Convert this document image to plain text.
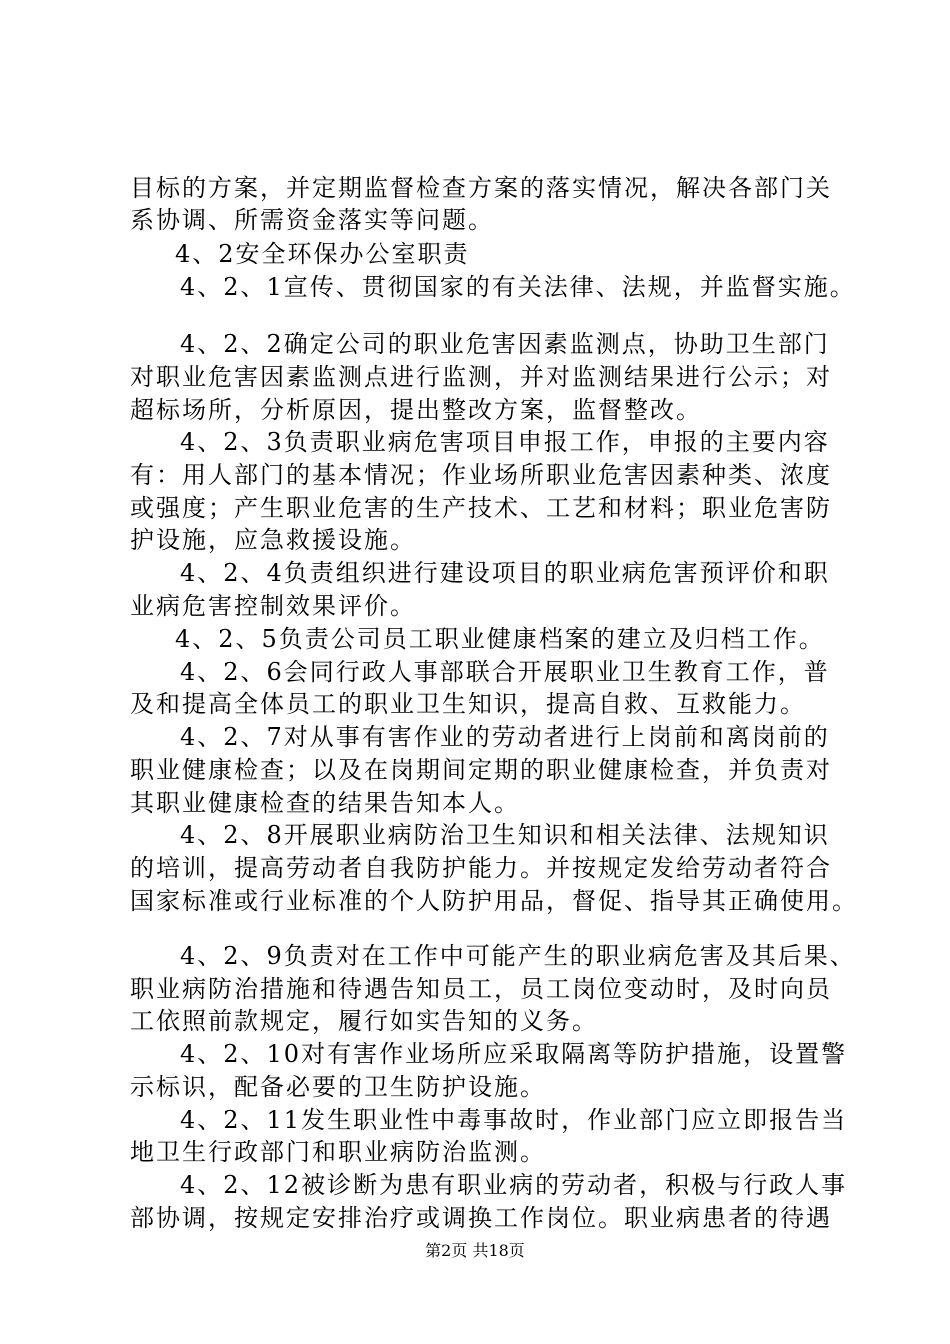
目标的方案，并定期监督检查方案的落实情况，解决各部门关
系协调、所需资金落实等问题。
4、2安全环保办公室职责
4、2、1宣传、贯彻国家的有关法律、法规，并监督实施。
4、2、2确定公司的职业危害因素监测点，协助卫生部门
对职业危害因素监测点进行监测，并对监测结果进行公示；对
超标场所，分析原因，提出整改方案，监督整改。
4、2、3负责职业病危害项目申报工作，申报的主要内容
有：用人部门的基本情况；作业场所职业危害因素种类、浓度
或强度；产生职业危害的生产技术、工艺和材料；职业危害防
护设施，应急救援设施。
4、2、4负责组织进行建设项目的职业病危害预评价和职
业病危害控制效果评价。
4、2、5负责公司员工职业健康档案的建立及归档工作。
4、2、6会同行政人事部联合开展职业卫生教育工作，普
及和提高全体员工的职业卫生知识，提高自救、互救能力。
4、2、7对从事有害作业的劳动者进行上岗前和离岗前的
职业健康检查；以及在岗期间定期的职业健康检查，并负责对
其职业健康检查的结果告知本人。
4、2、8开展职业病防治卫生知识和相关法律、法规知识
的培训，提高劳动者自我防护能力。并按规定发给劳动者符合
国家标准或行业标准的个人防护用品，督促、指导其正确使用。
4、2、9负责对在工作中可能产生的职业病危害及其后果、
职业病防治措施和待遇告知员工，员工岗位变动时，及时向员
工依照前款规定，履行如实告知的义务。
4、2、10对有害作业场所应采取隔离等防护措施，设置警
示标识，配备必要的卫生防护设施。
4、2、11发生职业性中毒事故时，作业部门应立即报告当
地卫生行政部门和职业病防治监测。
4、2、12被诊断为患有职业病的劳动者，积极与行政人事
部协调，按规定安排治疗或调换工作岗位。职业病患者的待遇
第2页 共18页
